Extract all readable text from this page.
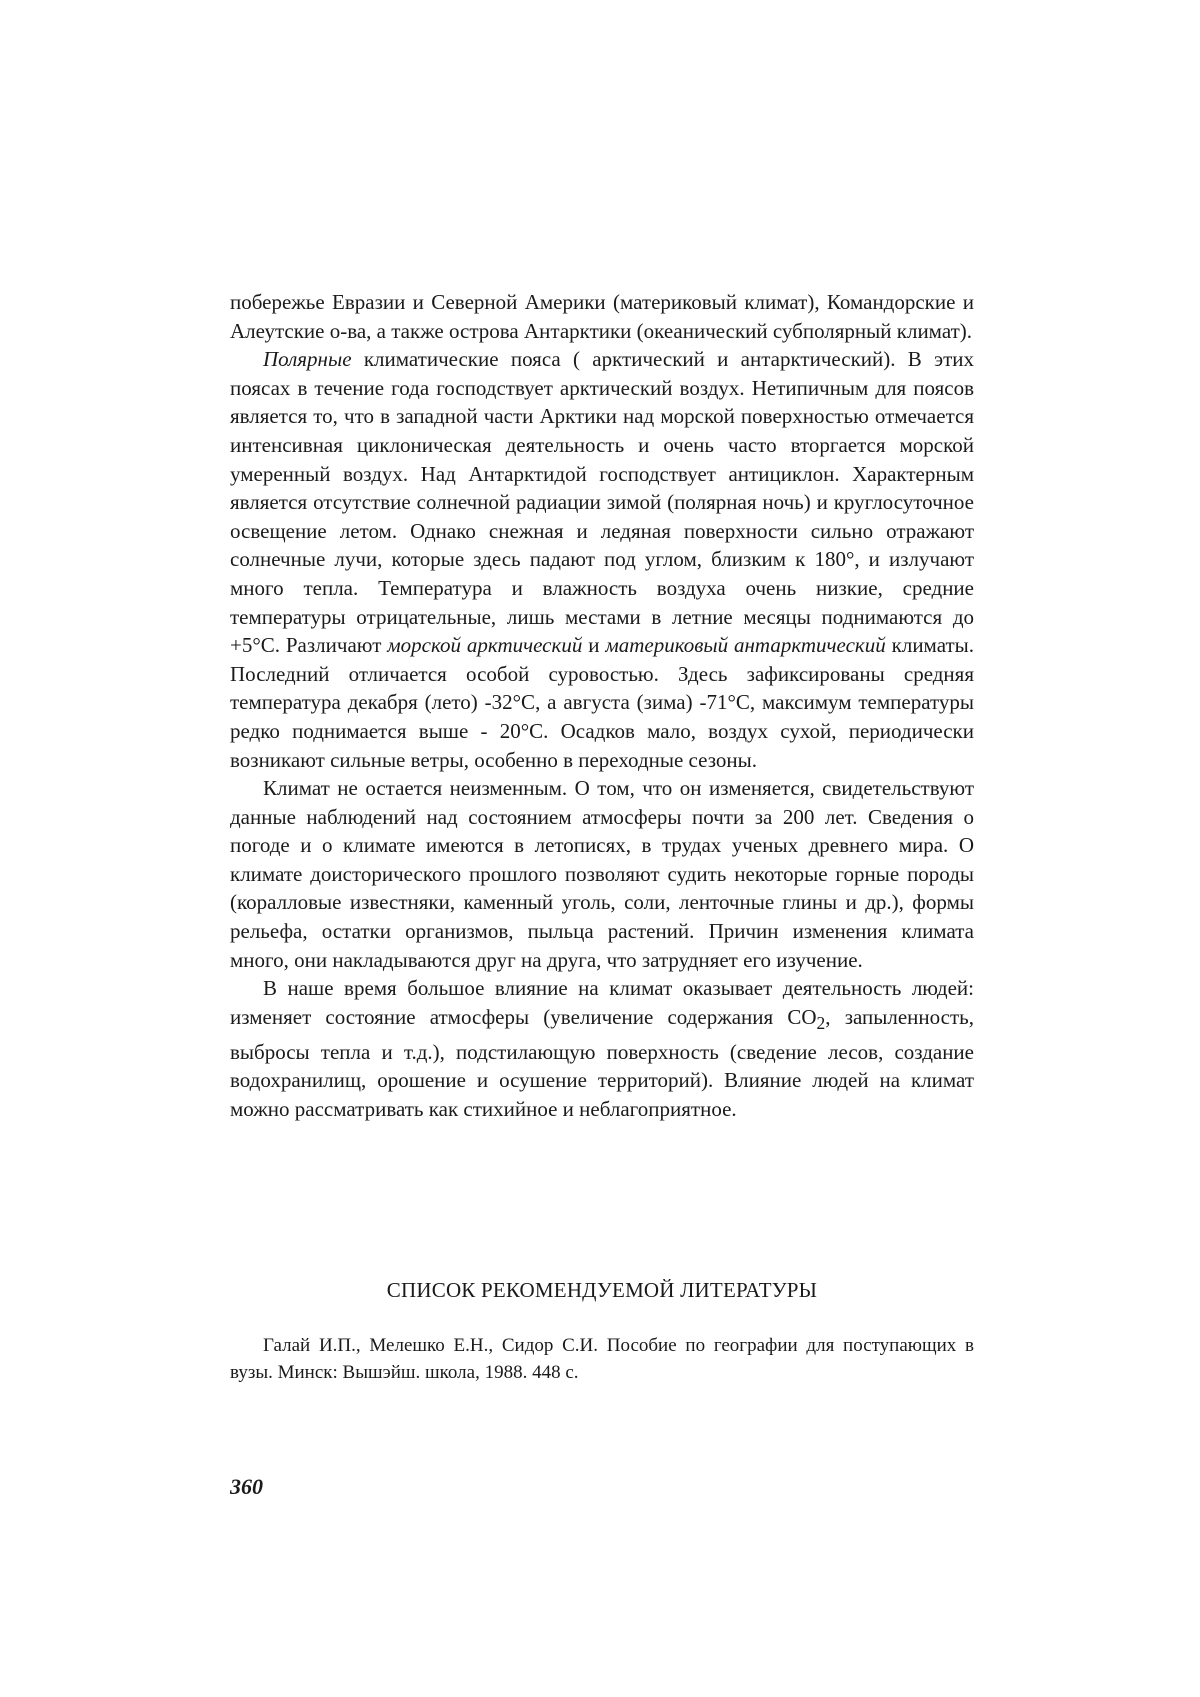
побережье Евразии и Северной Америки (материковый климат), Командорские и Алеутские о-ва, а также острова Антарктики (океанический субполярный климат).

Полярные климатические пояса ( арктический и антарктический). В этих поясах в течение года господствует арктический воздух. Нетипичным для поясов является то, что в западной части Арктики над морской поверхностью отмечается интенсивная циклоническая деятельность и очень часто вторгается морской умеренный воздух. Над Антарктидой господствует антициклон. Характерным является отсутствие солнечной радиации зимой (полярная ночь) и круглосуточное освещение летом. Однако снежная и ледяная поверхности сильно отражают солнечные лучи, которые здесь падают под углом, близким к 180°, и излучают много тепла. Температура и влажность воздуха очень низкие, средние температуры отрицательные, лишь местами в летние месяцы поднимаются до +5°С. Различают морской арктический и материковый антарктический климаты. Последний отличается особой суровостью. Здесь зафиксированы средняя температура декабря (лето) -32°С, а августа (зима) -71°С, максимум температуры редко поднимается выше - 20°С. Осадков мало, воздух сухой, периодически возникают сильные ветры, особенно в переходные сезоны.

Климат не остается неизменным. О том, что он изменяется, свидетельствуют данные наблюдений над состоянием атмосферы почти за 200 лет. Сведения о погоде и о климате имеются в летописях, в трудах ученых древнего мира. О климате доисторического прошлого позволяют судить некоторые горные породы (коралловые известняки, каменный уголь, соли, ленточные глины и др.), формы рельефа, остатки организмов, пыльца растений. Причин изменения климата много, они накладываются друг на друга, что затрудняет его изучение.

В наше время большое влияние на климат оказывает деятельность людей: изменяет состояние атмосферы (увеличение содержания $СО_2$, запыленность, выбросы тепла и т.д.), подстилающую поверхность (сведение лесов, создание водохранилищ, орошение и осушение территорий). Влияние людей на климат можно рассматривать как стихийное и неблагоприятное.

СПИСОК РЕКОМЕНДУЕМОЙ ЛИТЕРАТУРЫ
Галай И.П., Мелешко Е.Н., Сидор С.И. Пособие по географии для поступающих в вузы. Минск: Вышэйш. школа, 1988. 448 с.
360
